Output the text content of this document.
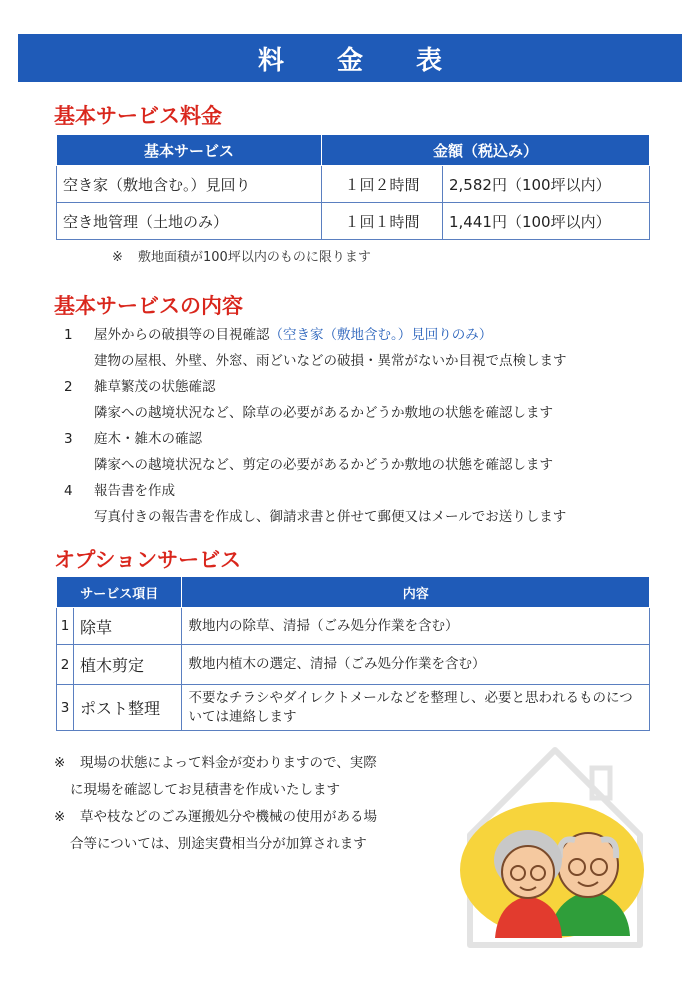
料 金 表
基本サービス料金
基本サービス	金額（税込み）	
空き家（敷地含む。）見回り	１回２時間	2,582円（100坪以内）
空き地管理（土地のみ）	１回１時間	1,441円（100坪以内）
※ 敷地面積が100坪以内のものに限ります
基本サービスの内容
1 屋外からの破損等の目視確認（空き家（敷地含む。）見回りのみ）
建物の屋根、外壁、外窓、雨どいなどの破損・異常がないか目視で点検します
2 雑草繁茂の状態確認
隣家への越境状況など、除草の必要があるかどうか敷地の状態を確認します
3 庭木・雑木の確認
隣家への越境状況など、剪定の必要があるかどうか敷地の状態を確認します
4 報告書を作成
写真付きの報告書を作成し、御請求書と併せて郵便又はメールでお送りします
オプションサービス
サービス項目		内容
1	除草	敷地内の除草、清掃（ごみ処分作業を含む）
2	植木剪定	敷地内植木の選定、清掃（ごみ処分作業を含む）
3	ポスト整理	不要なチラシやダイレクトメールなどを整理し、必要と思われるものについては連絡します
※ 現場の状態によって料金が変わりますので、実際
に現場を確認してお見積書を作成いたします
※ 草や枝などのごみ運搬処分や機械の使用がある場
合等については、別途実費相当分が加算されます
